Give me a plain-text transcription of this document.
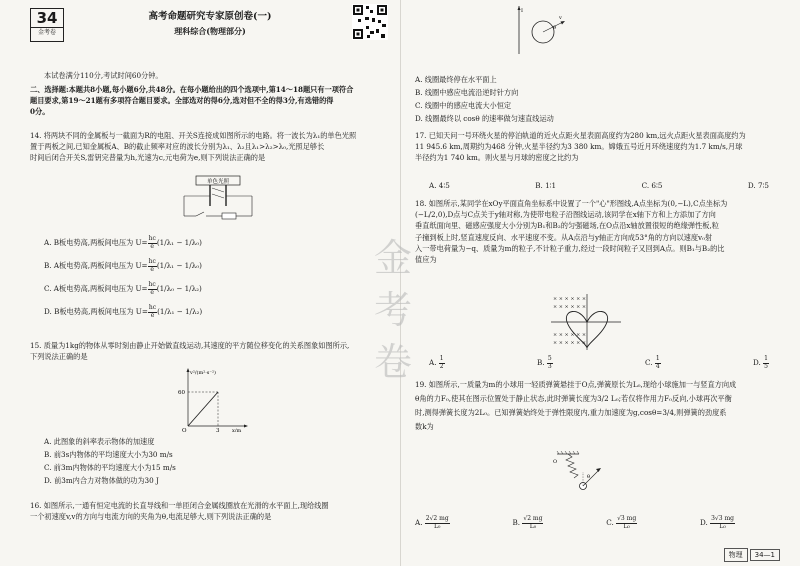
34
金考卷
高考命题研究专家原创卷(一)
理科综合(物理部分)
本试卷满分110分,考试时间60分钟。
二、选择题:本题共8小题,每小题6分,共48分。在每小题给出的四个选项中,第14～18题只有一项符合
题目要求,第19～21题有多项符合题目要求。全部选对的得6分,选对但不全的得3分,有选错的得
0分。
14. 将两块不同的金属板与一截面为R的电阻、开关S连接成如图所示的电路。将一波长为λ₁的单色光照
置于两板之间,已知金属板A、B的截止频率对应的波长分别为λ₁、λ₂且λ₁>λ₂>λ₀,光照足够长
时间后闭合开关S,雷钥完普量为h,光速为c,元电荷为e,则下列说法正确的是
单色光照
A. B板电势高,两板间电压为 $U= \frac{hc}{e} (1/\lambda_1 - 1/\lambda_0)$
B. A板电势高,两板间电压为 $U= \frac{hc}{e} (1/\lambda_1 - 1/\lambda_0)$
C. A板电势高,两板间电压为 $U= \frac{hc}{e} (1/\lambda_0 - 1/\lambda_2)$
D. B板电势高,两板间电压为 $U= \frac{hc}{e} (1/\lambda_1 - 1/\lambda_2)$
15. 质量为1kg的物体从零时刻由静止开始做直线运动,其速度的平方随位移变化的关系图象如图所示,
下列说法正确的是
v²/(m²·s⁻²)
60
3
O	x/m
A. 此图象的斜率表示物体的加速度
B. 前3s内物体的平均速度大小为30 m/s
C. 前3m内物体的平均速度大小为15 m/s
D. 前3m内合力对物体做的功为30 J
16. 如图所示,一通有恒定电流的长直导线和一单匝闭合金属线圈放在光滑的水平面上,现给线圈
一个初速度v,v的方向与电流方向的夹角为θ,电流足够大,则下列说法正确的是
I
v
θ
A. 线圈最终停在水平面上
B. 线圈中感应电流沿逆时针方向
C. 线圈中的感应电流大小恒定
D. 线圈最终以 cosθ 的速率做匀速直线运动
17. 已知天问一号环绕火星的停泊轨道的近火点距火星表面高度约为280 km,远火点距火星表面高度约为
11 945.6 km,周期约为468 分钟,火星半径约为3 380 km。嫦娥五号近月环绕速度约为1.7 km/s,月球
半径约为1 740 km。则火星与月球的密度之比约为
A. 4∶5	B. 1∶1	C. 6∶5	D. 7∶5
18. 如图所示,某同学在xOy平面直角坐标系中设置了一个"心"形图线,A点坐标为(0,−L),C点坐标为
(−L/2,0),D点与C点关于y轴对称,为使带电粒子沿图线运动,该同学在x轴下方和上方添加了方向
垂直纸面向里、磁感应强度大小分别为B₁和B₂的匀强磁场,在O点沿x轴放置很短的绝缘弹性板,粒
子撞到板上时,竖直速度反向、水平速度不变。从A点沿与y轴正方向成53°角的方向以速度v₀射
入一带电荷量为−q、质量为m的粒子,不计粒子重力,经过一段时间粒子又回到A点。则B₁与B₂的比
值应为
× × × × × ×
× × × × × ×
× × × × × ×
× × × × × ×
A. $\frac{1}{2}$	B. $\frac{5}{3}$	C. $\frac{1}{4}$	D. $\frac{1}{5}$
19. 如图所示,一质量为m的小球用一轻质弹簧悬挂于O点,弹簧原长为L₀,现给小球施加一与竖直方向成
θ角的力F₀,使其在图示位置处于静止状态,此时弹簧长度为3/2 L₀;若仅将作用力F₀反向,小球再次平衡
时,测得弹簧长度为2L₀。已知弹簧始终处于弹性限度内,重力加速度为g,cosθ=3/4,则弹簧的劲度系
数k为
O
θ
A. $\frac{2√2 mg}{\text{L₀}}$	B. $\frac{√2 mg}{\text{L₀}}$	C. $\frac{√3 mg}{\text{L₀}}$	D. $\frac{3√3 mg}{\text{L₀}}$
物理 34—1
金
考
卷
